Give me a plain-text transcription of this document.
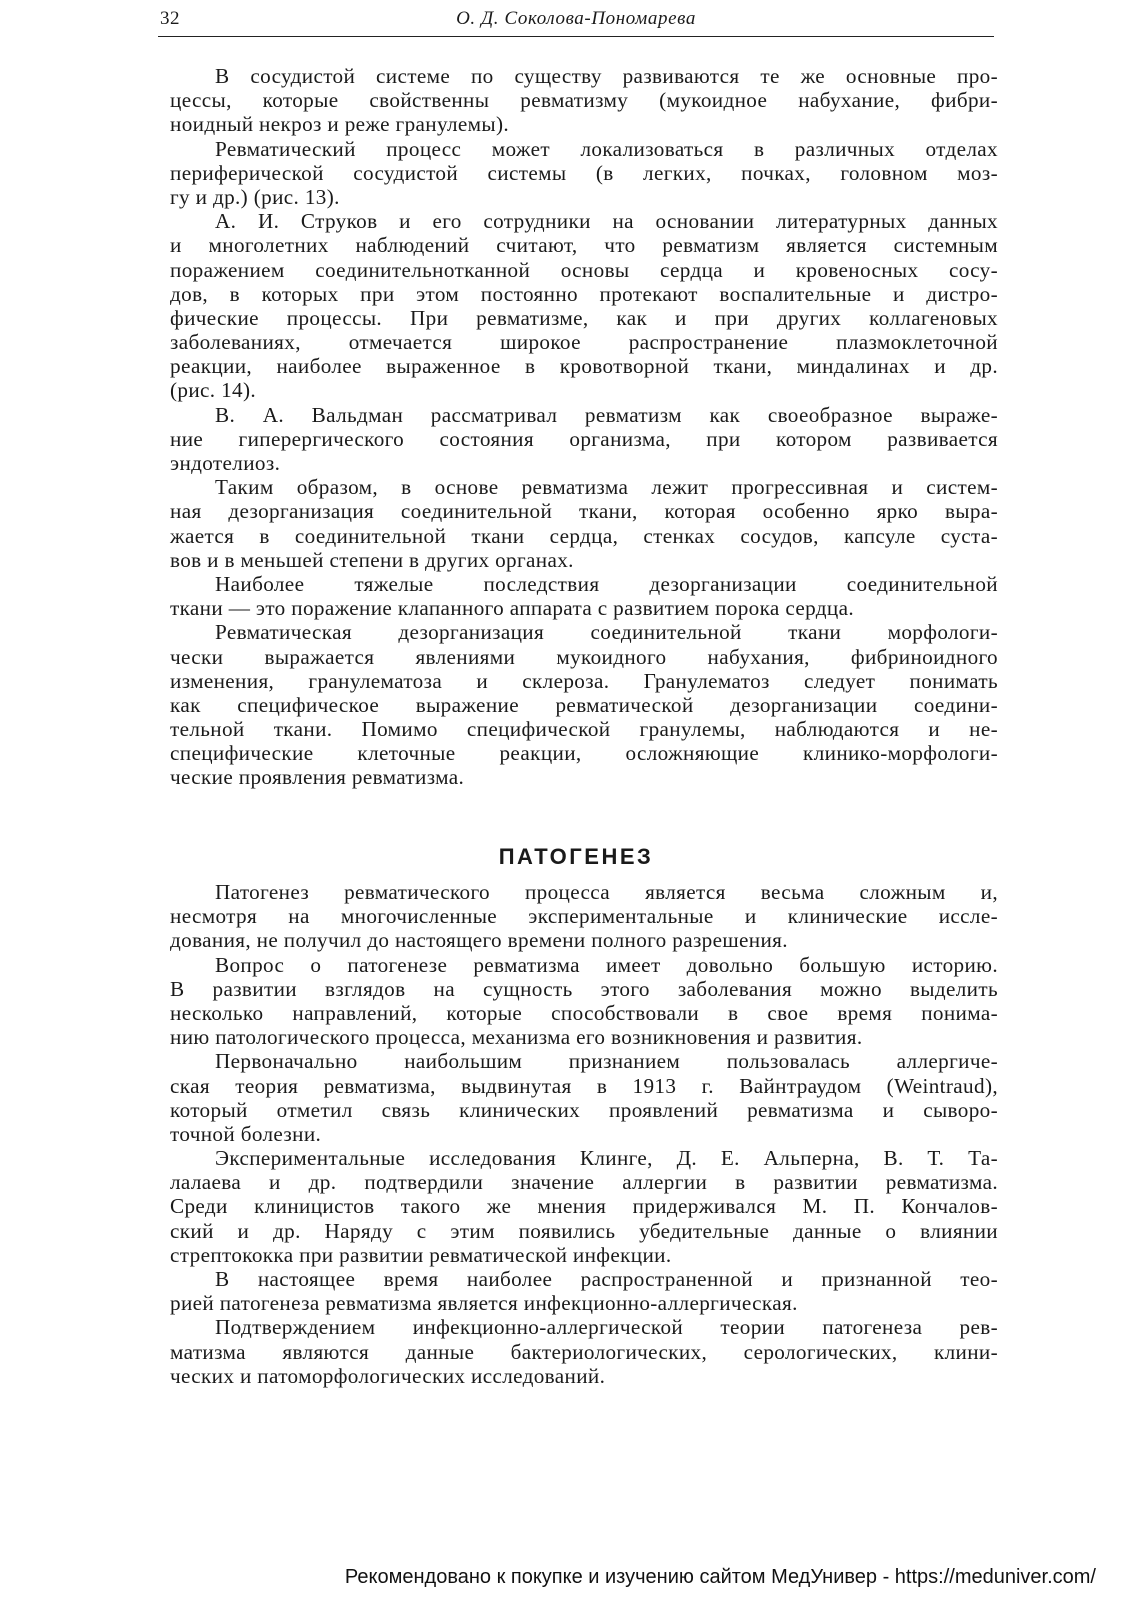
32	О. Д. Соколова-Пономарева
В сосудистой системе по существу развиваются те же основные про-
цессы, которые свойственны ревматизму (мукоидное набухание, фибри-
ноидный некроз и реже гранулемы).
Ревматический процесс может локализоваться в различных отделах
периферической сосудистой системы (в легких, почках, головном моз-
гу и др.) (рис. 13).
А. И. Струков и его сотрудники на основании литературных данных
и многолетних наблюдений считают, что ревматизм является системным
поражением соединительнотканной основы сердца и кровеносных сосу-
дов, в которых при этом постоянно протекают воспалительные и дистро-
фические процессы. При ревматизме, как и при других коллагеновых
заболеваниях, отмечается широкое распространение плазмоклеточной
реакции, наиболее выраженное в кровотворной ткани, миндалинах и др.
(рис. 14).
В. А. Вальдман рассматривал ревматизм как своеобразное выраже-
ние гиперергического состояния организма, при котором развивается
эндотелиоз.
Таким образом, в основе ревматизма лежит прогрессивная и систем-
ная дезорганизация соединительной ткани, которая особенно ярко выра-
жается в соединительной ткани сердца, стенках сосудов, капсуле суста-
вов и в меньшей степени в других органах.
Наиболее тяжелые последствия дезорганизации соединительной
ткани — это поражение клапанного аппарата с развитием порока сердца.
Ревматическая дезорганизация соединительной ткани морфологи-
чески выражается явлениями мукоидного набухания, фибриноидного
изменения, гранулематоза и склероза. Гранулематоз следует понимать
как специфическое выражение ревматической дезорганизации соедини-
тельной ткани. Помимо специфической гранулемы, наблюдаются и не-
специфические клеточные реакции, осложняющие клинико-морфологи-
ческие проявления ревматизма.
ПАТОГЕНЕЗ
Патогенез ревматического процесса является весьма сложным и,
несмотря на многочисленные экспериментальные и клинические иссле-
дования, не получил до настоящего времени полного разрешения.
Вопрос о патогенезе ревматизма имеет довольно большую историю.
В развитии взглядов на сущность этого заболевания можно выделить
несколько направлений, которые способствовали в свое время понима-
нию патологического процесса, механизма его возникновения и развития.
Первоначально наибольшим признанием пользовалась аллергиче-
ская теория ревматизма, выдвинутая в 1913 г. Вайнтраудом (Weintraud),
который отметил связь клинических проявлений ревматизма и сыворо-
точной болезни.
Экспериментальные исследования Клинге, Д. Е. Альперна, В. Т. Та-
лалаева и др. подтвердили значение аллергии в развитии ревматизма.
Среди клиницистов такого же мнения придерживался М. П. Кончалов-
ский и др. Наряду с этим появились убедительные данные о влиянии
стрептококка при развитии ревматической инфекции.
В настоящее время наиболее распространенной и признанной тео-
рией патогенеза ревматизма является инфекционно-аллергическая.
Подтверждением инфекционно-аллергической теории патогенеза рев-
матизма являются данные бактериологических, серологических, клини-
ческих и патоморфологических исследований.
Рекомендовано к покупке и изучению сайтом МедУнивер - https://meduniver.com/
